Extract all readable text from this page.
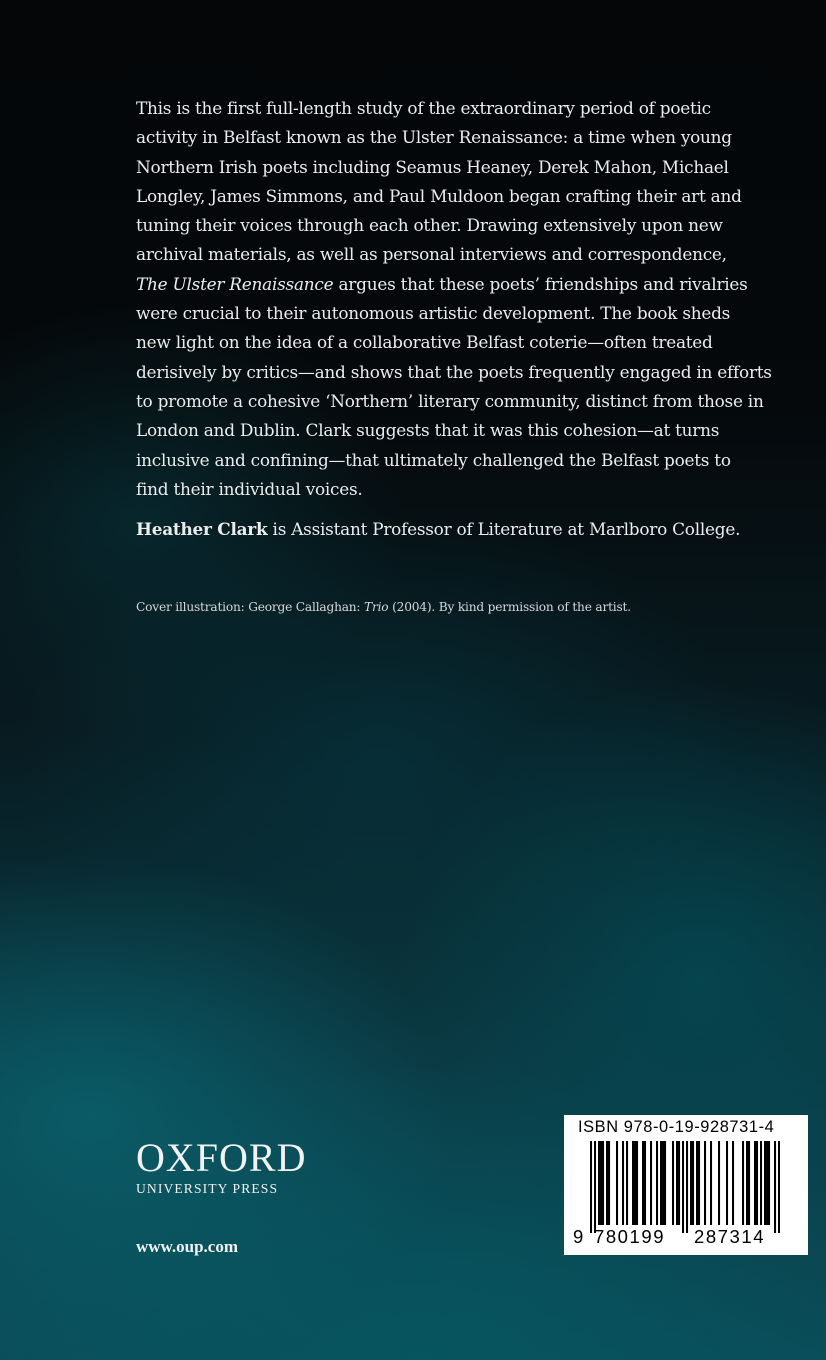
This is the first full-length study of the extraordinary period of poetic
activity in Belfast known as the Ulster Renaissance: a time when young
Northern Irish poets including Seamus Heaney, Derek Mahon, Michael
Longley, James Simmons, and Paul Muldoon began crafting their art and
tuning their voices through each other. Drawing extensively upon new
archival materials, as well as personal interviews and correspondence,
The Ulster Renaissance argues that these poets’ friendships and rivalries
were crucial to their autonomous artistic development. The book sheds
new light on the idea of a collaborative Belfast coterie—often treated
derisively by critics—and shows that the poets frequently engaged in efforts
to promote a cohesive ‘Northern’ literary community, distinct from those in
London and Dublin. Clark suggests that it was this cohesion—at turns
inclusive and confining—that ultimately challenged the Belfast poets to
find their individual voices.

Heather Clark is Assistant Professor of Literature at Marlboro College.

Cover illustration: George Callaghan: Trio (2004). By kind permission of the artist.

OXFORD
UNIVERSITY PRESS
www.oup.com
ISBN 978-0-19-928731-4
9 780199 287314
